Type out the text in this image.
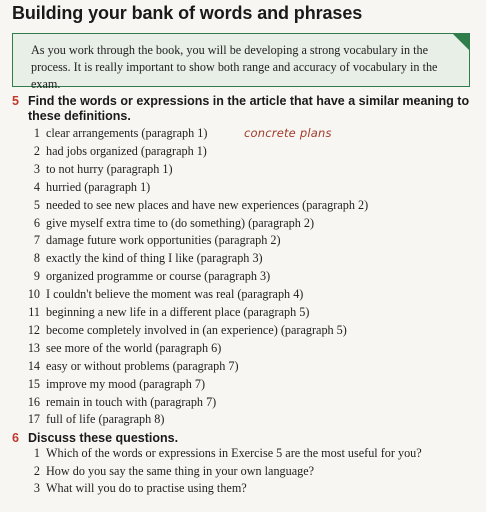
Building your bank of words and phrases
As you work through the book, you will be developing a strong vocabulary in the
process. It is really important to show both range and accuracy of vocabulary in the exam.
5 Find the words or expressions in the article that have a similar meaning to
these definitions.
1 clear arrangements (paragraph 1)
2 had jobs organized (paragraph 1)
3 to not hurry (paragraph 1)
4 hurried (paragraph 1)
5 needed to see new places and have new experiences (paragraph 2)
6 give myself extra time to (do something) (paragraph 2)
7 damage future work opportunities (paragraph 2)
8 exactly the kind of thing I like (paragraph 3)
9 organized programme or course (paragraph 3)
10 I couldn't believe the moment was real (paragraph 4)
11 beginning a new life in a different place (paragraph 5)
12 become completely involved in (an experience) (paragraph 5)
13 see more of the world (paragraph 6)
14 easy or without problems (paragraph 7)
15 improve my mood (paragraph 7)
16 remain in touch with (paragraph 7)
17 full of life (paragraph 8)
concrete plans
6 Discuss these questions.
1 Which of the words or expressions in Exercise 5 are the most useful for you?
2 How do you say the same thing in your own language?
3 What will you do to practise using them?
